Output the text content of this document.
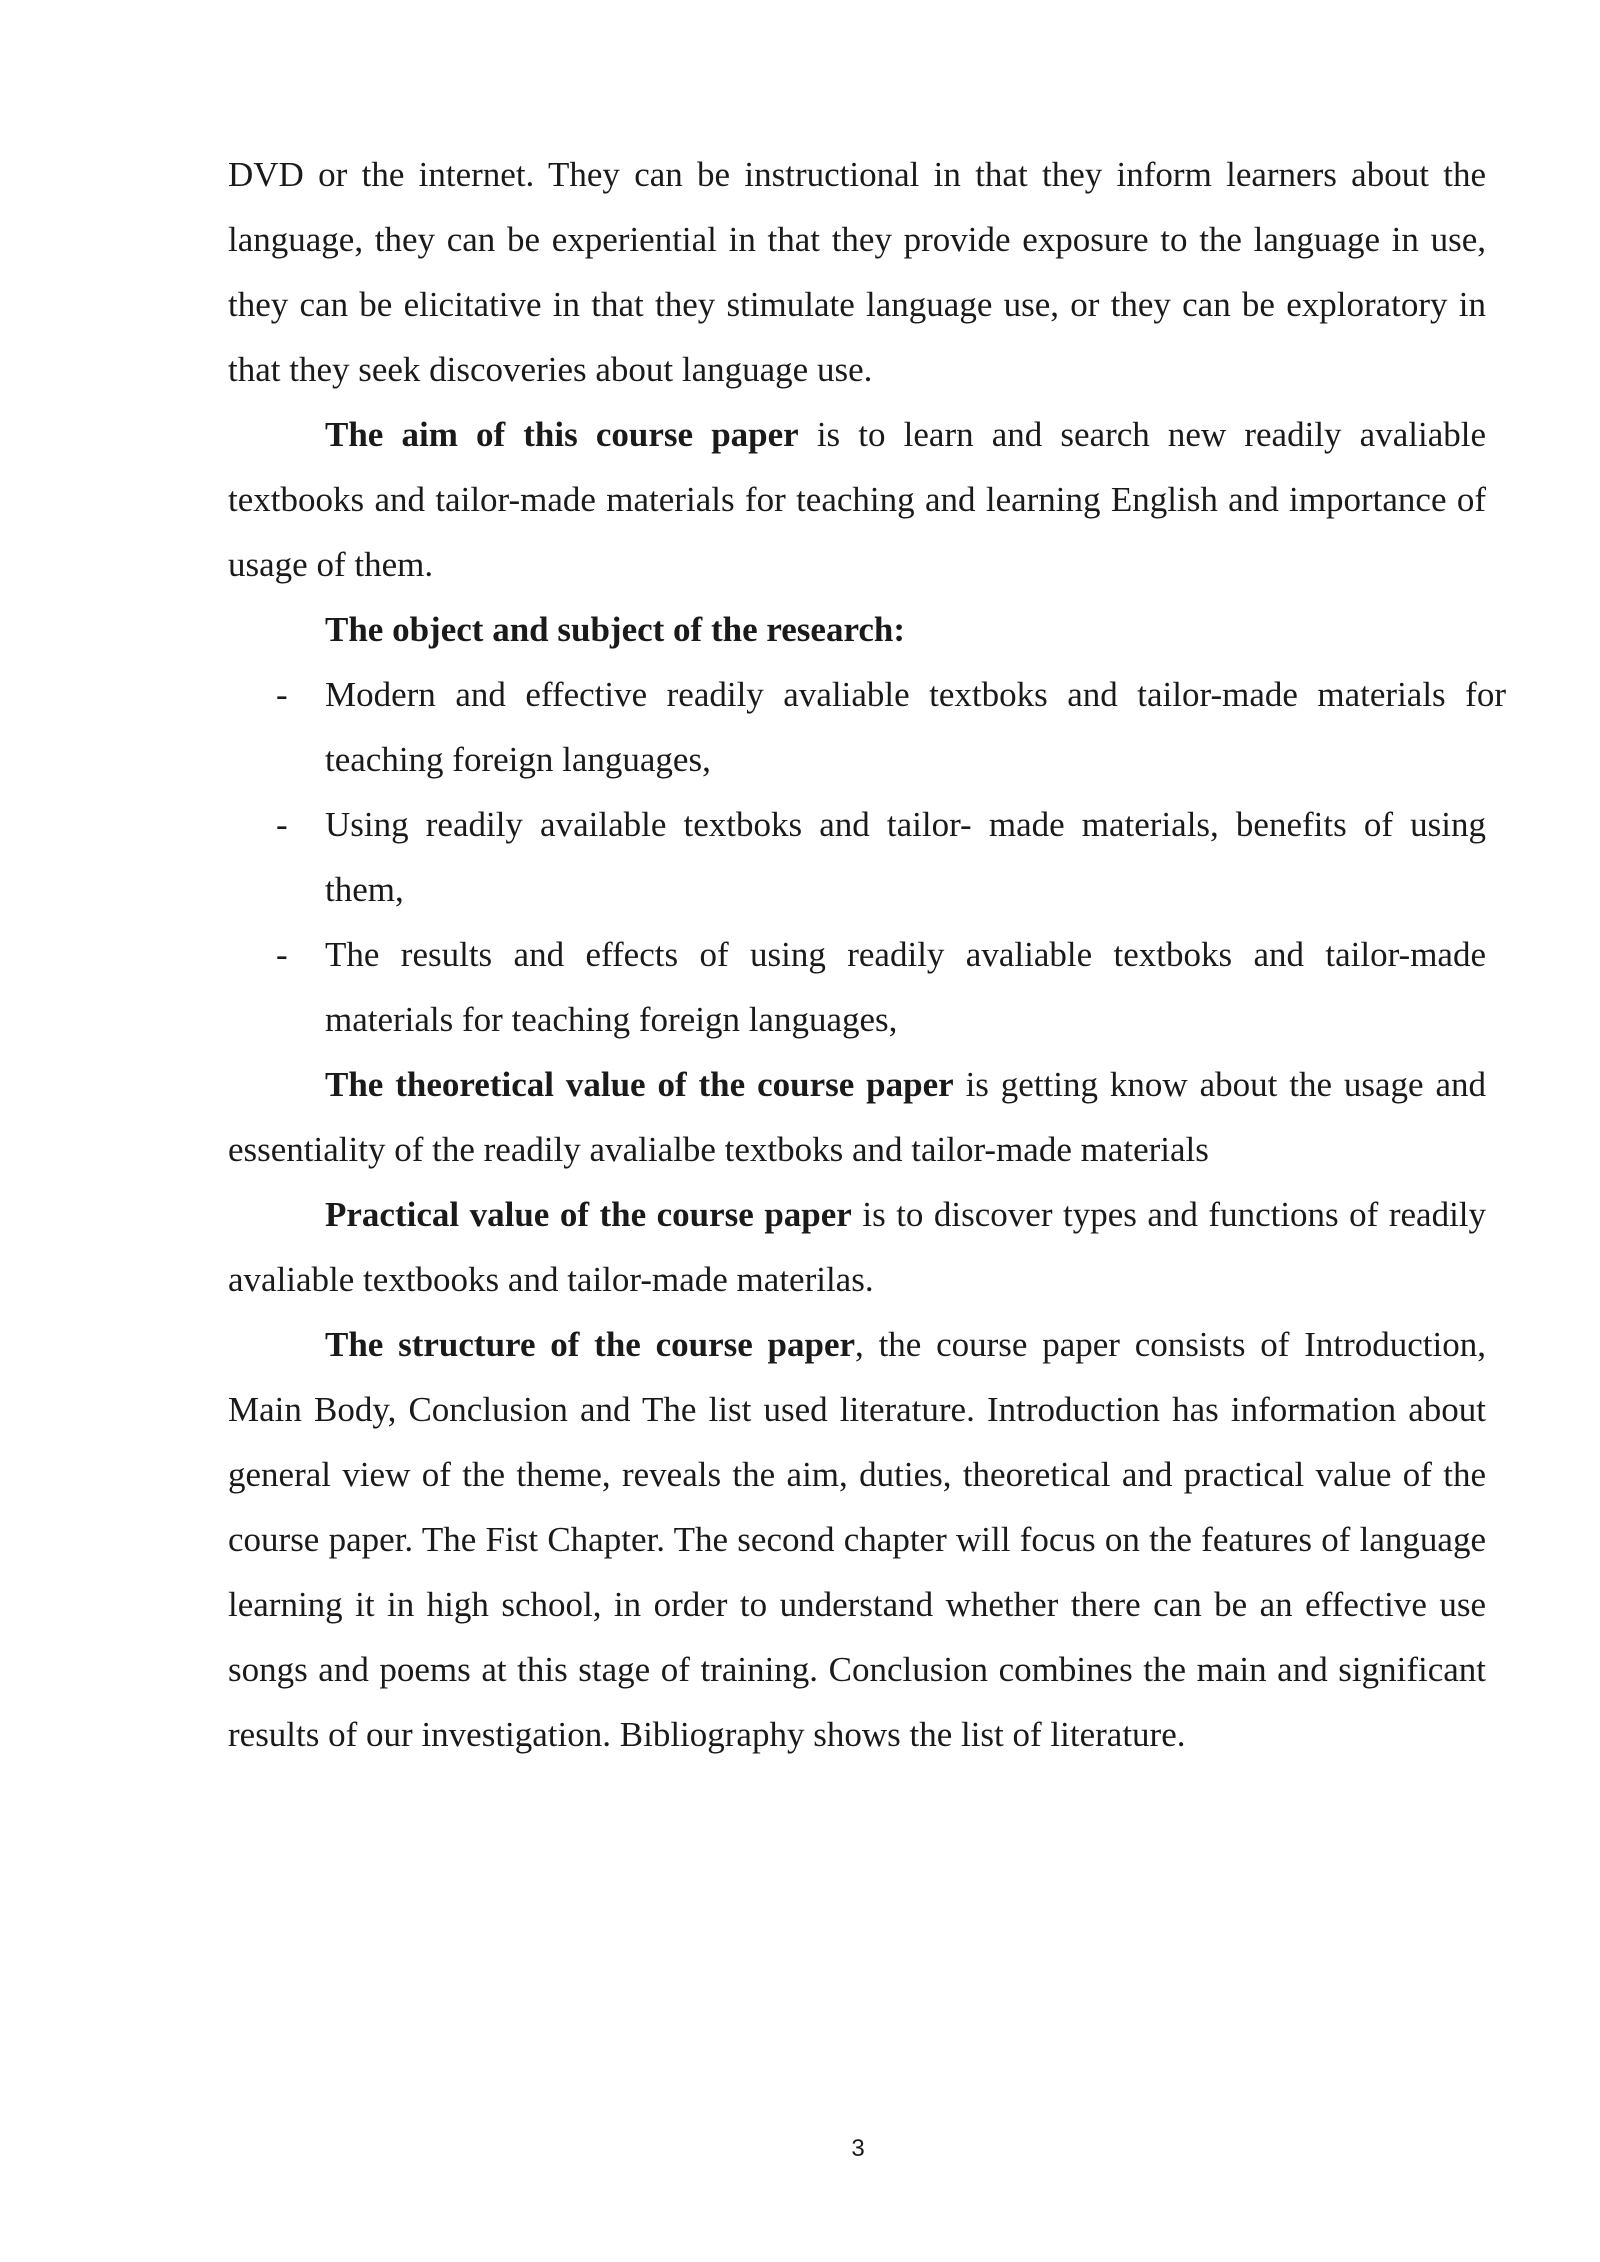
DVD or the internet. They can be instructional in that they inform learners about the language, they can be experiential in that they provide exposure to the language in use, they can be elicitative in that they stimulate language use, or they can be exploratory in that they seek discoveries about language use.

The aim of this course paper is to learn and search new readily avaliable textbooks and tailor-made materials for teaching and learning English and importance of usage of them.

The object and subject of the research:

- Modern and effective readily avaliable textboks and tailor-made materials for teaching foreign languages,
- Using readily available textboks and tailor- made materials, benefits of using them,
- The results and effects of using readily avaliable textboks and tailor-made materials for teaching foreign languages,

The theoretical value of the course paper is getting know about the usage and essentiality of the readily avalialbe textboks and tailor-made materials

Practical value of the course paper is to discover types and functions of readily avaliable textbooks and tailor-made materilas.

The structure of the course paper, the course paper consists of Introduction, Main Body, Conclusion and The list used literature. Introduction has information about general view of the theme, reveals the aim, duties, theoretical and practical value of the course paper. The Fist Chapter. The second chapter will focus on the features of language learning it in high school, in order to understand whether there can be an effective use songs and poems at this stage of training. Conclusion combines the main and significant results of our investigation. Bibliography shows the list of literature.

3
